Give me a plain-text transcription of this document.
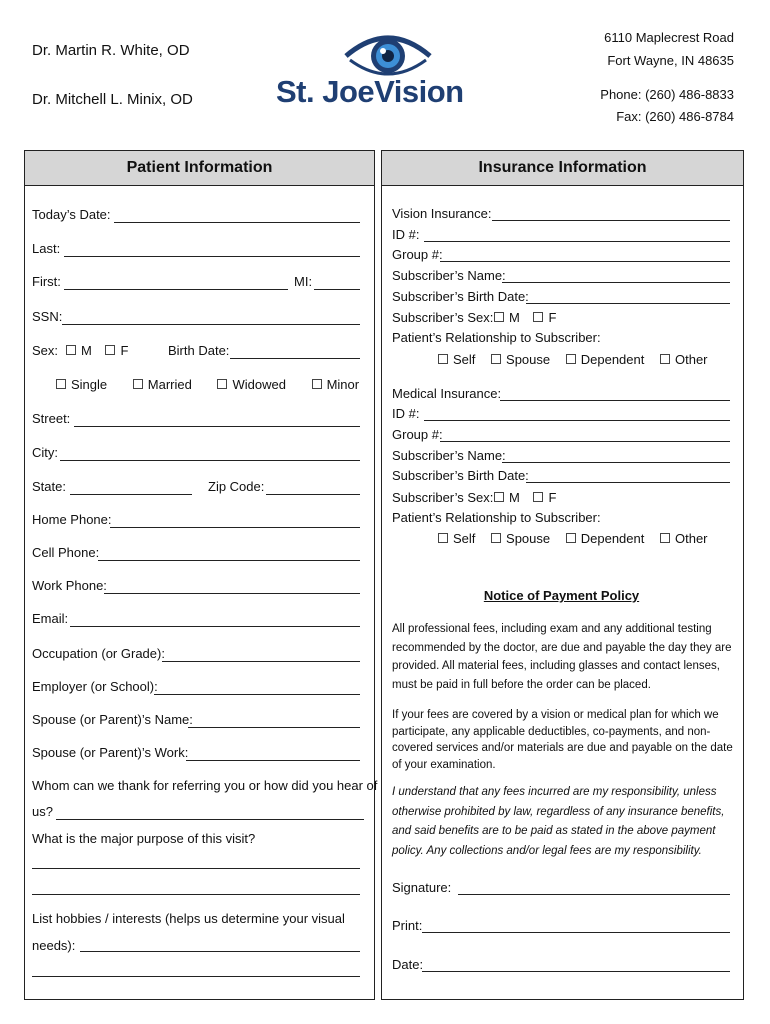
Dr. Martin R. White, OD
Dr. Mitchell L. Minix, OD	St. JoeVision
6110 Maplecrest Road
Fort Wayne, IN 48635
Phone: (260) 486-8833
Fax: (260) 486-8784
Patient Information
Today’s Date:
Last:
First:	MI:
SSN:
Sex:	M F	Birth Date:
Single	Married	Widowed	Minor
Street:
City:
State:	Zip Code:
Home Phone:
Cell Phone:
Work Phone:
Email:
Occupation (or Grade):
Employer (or School):
Spouse (or Parent)’s Name:
Spouse (or Parent)’s Work:
Whom can we thank for referring you or how did you hear of
us?
What is the major purpose of this visit?
List hobbies / interests (helps us determine your visual
needs):
Insurance Information
Vision Insurance:
ID #:
Group #:
Subscriber’s Name:
Subscriber’s Birth Date:
Subscriber’s Sex:	M F
Patient’s Relationship to Subscriber:
Self Spouse Dependent Other
Medical Insurance:
ID #:
Group #:
Subscriber’s Name:
Subscriber’s Birth Date:
Subscriber’s Sex:	M F
Patient’s Relationship to Subscriber:
Self Spouse Dependent Other
Notice of Payment Policy
All professional fees, including exam and any additional testing
recommended by the doctor, are due and payable the day they are
provided. All material fees, including glasses and contact lenses,
must be paid in full before the order can be placed.
If your fees are covered by a vision or medical plan for which we
participate, any applicable deductibles, co-payments, and non-
covered services and/or materials are due and payable on the date
of your examination.
I understand that any fees incurred are my responsibility, unless
otherwise prohibited by law, regardless of any insurance benefits,
and said benefits are to be paid as stated in the above payment
policy. Any collections and/or legal fees are my responsibility.
Signature:
Print:
Date:
